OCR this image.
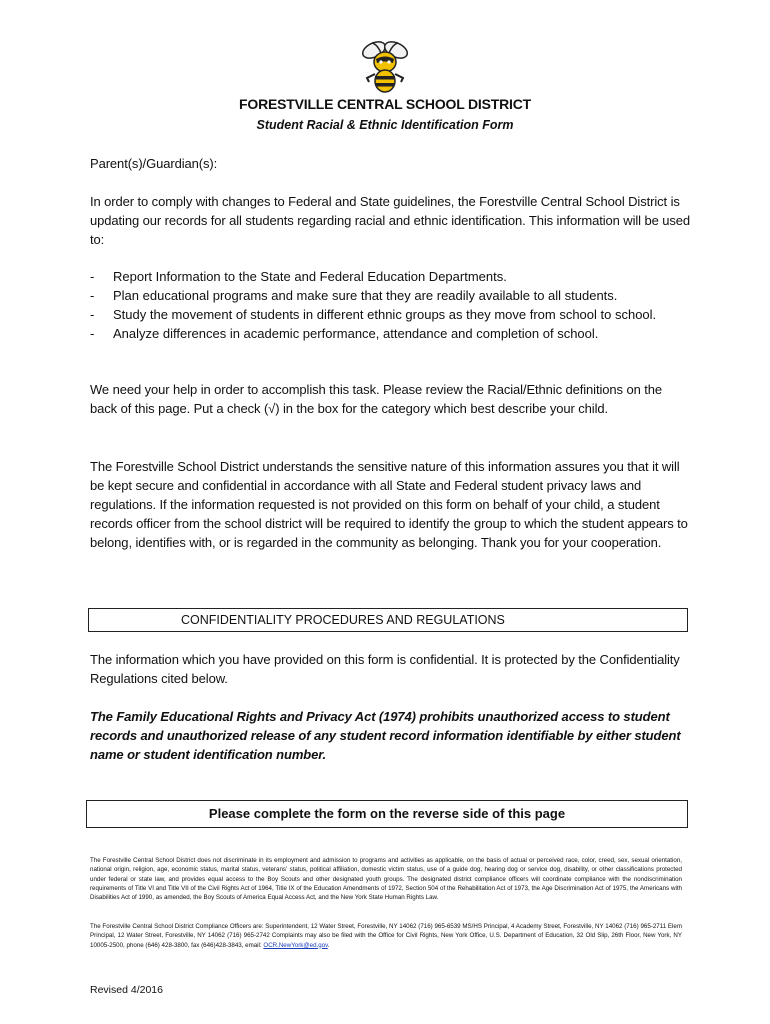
FORESTVILLE CENTRAL SCHOOL DISTRICT
Student Racial & Ethnic Identification Form
Parent(s)/Guardian(s):
In order to comply with changes to Federal and State guidelines, the Forestville Central School District is updating our records for all students regarding racial and ethnic identification. This information will be used to:
- Report Information to the State and Federal Education Departments.
- Plan educational programs and make sure that they are readily available to all students.
- Study the movement of students in different ethnic groups as they move from school to school.
- Analyze differences in academic performance, attendance and completion of school.
We need your help in order to accomplish this task. Please review the Racial/Ethnic definitions on the back of this page. Put a check (√) in the box for the category which best describe your child.
The Forestville School District understands the sensitive nature of this information assures you that it will be kept secure and confidential in accordance with all State and Federal student privacy laws and regulations. If the information requested is not provided on this form on behalf of your child, a student records officer from the school district will be required to identify the group to which the student appears to belong, identifies with, or is regarded in the community as belonging. Thank you for your cooperation.
CONFIDENTIALITY PROCEDURES AND REGULATIONS
The information which you have provided on this form is confidential. It is protected by the Confidentiality Regulations cited below.
The Family Educational Rights and Privacy Act (1974) prohibits unauthorized access to student records and unauthorized release of any student record information identifiable by either student name or student identification number.
Please complete the form on the reverse side of this page
The Forestville Central School District does not discriminate in its employment and admission to programs and activities as applicable, on the basis of actual or perceived race, color, creed, sex, sexual orientation, national origin, religion, age, economic status, marital status, veterans' status, political affiliation, domestic victim status, use of a guide dog, hearing dog or service dog, disability, or other classifications protected under federal or state law, and provides equal access to the Boy Scouts and other designated youth groups. The designated district compliance officers will coordinate compliance with the nondiscrimination requirements of Title VI and Title VII of the Civil Rights Act of 1964, Title IX of the Education Amendments of 1972, Section 504 of the Rehabilitation Act of 1973, the Age Discrimination Act of 1975, the Americans with Disabilities Act of 1990, as amended, the Boy Scouts of America Equal Access Act, and the New York State Human Rights Law.
The Forestville Central School District Compliance Officers are: Superintendent, 12 Water Street, Forestville, NY 14062 (716) 965-6539 MS/HS Principal, 4 Academy Street, Forestville, NY 14062 (716) 965-2711 Elem Principal, 12 Water Street, Forestville, NY 14062 (716) 965-2742 Complaints may also be filed with the Office for Civil Rights, New York Office, U.S. Department of Education, 32 Old Slip, 26th Floor, New York, NY 10005-2500, phone (646) 428-3800, fax (646)428-3843, email: OCR.NewYork@ed.gov.
Revised 4/2016
